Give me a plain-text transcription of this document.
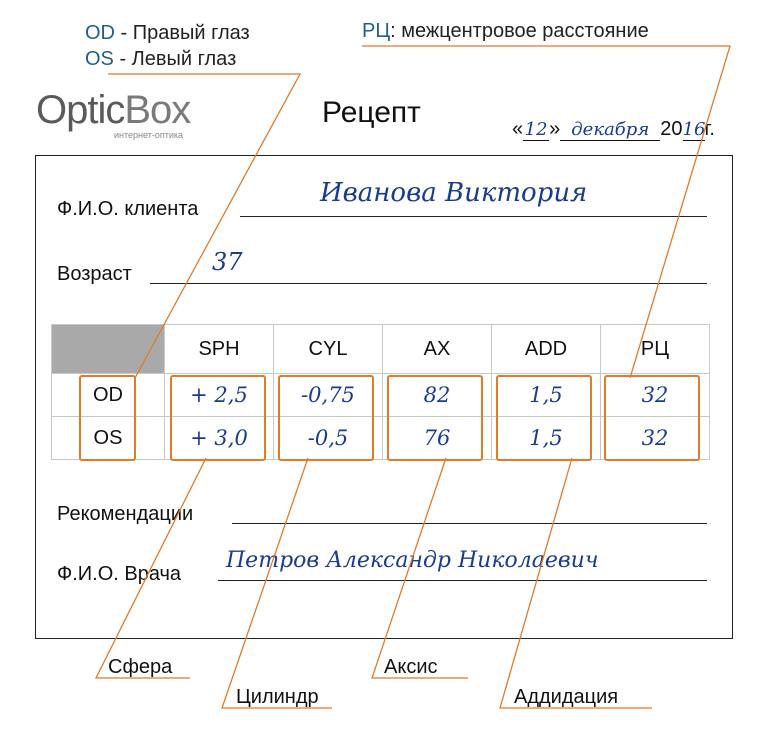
OD - Правый глаз
OS - Левый глаз
РЦ: межцентровое расстояние
OpticBox
интернет-оптика
Рецепт	«12» декабря 2016г.
Ф.И.О. клиента
Иванова Виктория
Возраст	37
	SPH	CYL	AX	ADD	РЦ
OD	+ 2,5	-0,75	82	1,5	32
OS	+ 3,0	-0,5	76	1,5	32
Рекомендации
Ф.И.О. Врача
Петров Александр Николаевич
Сфера
Цилиндр
Аксис
Аддидация
